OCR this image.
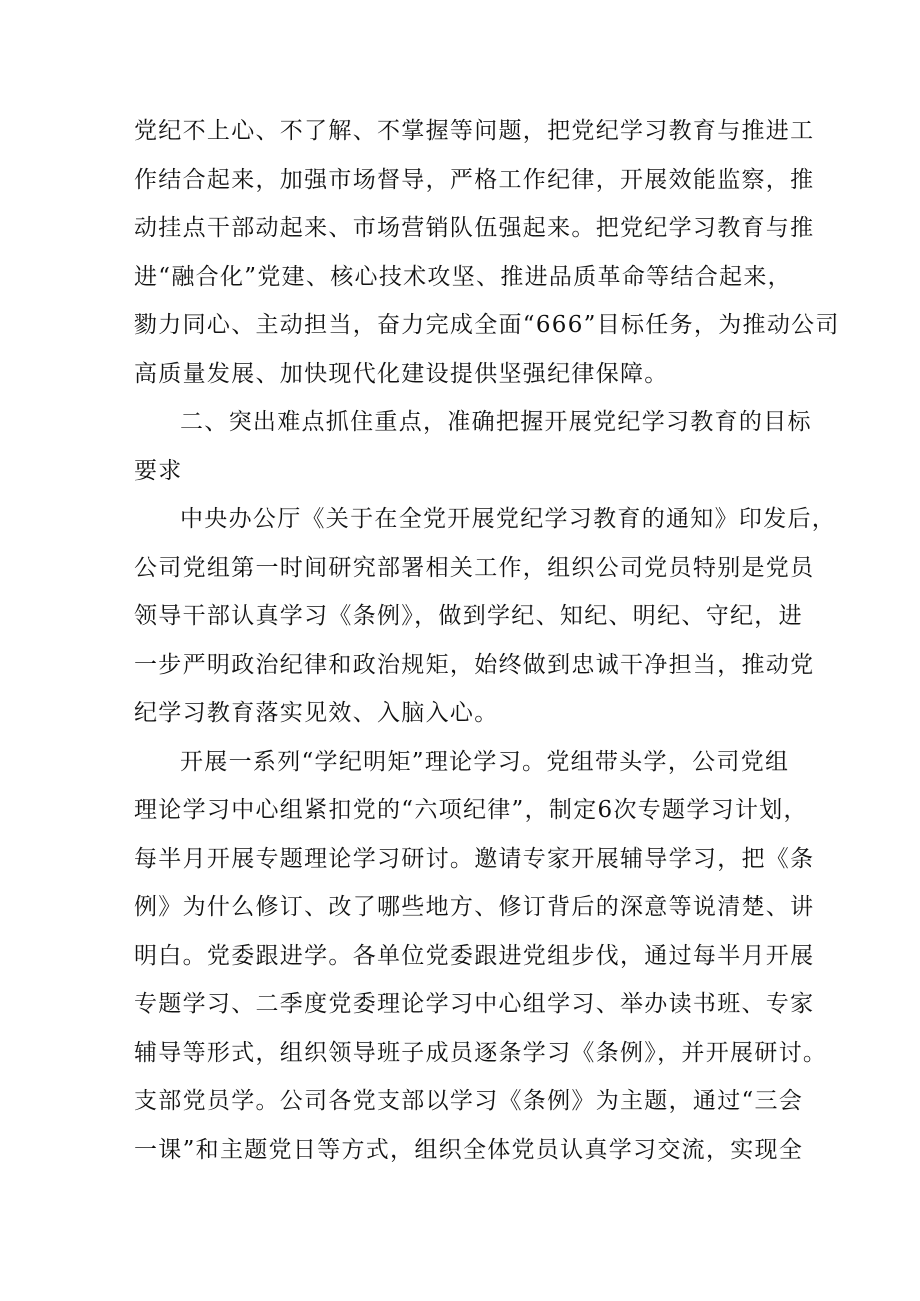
党纪不上心、不了解、不掌握等问题，把党纪学习教育与推进工
作结合起来，加强市场督导，严格工作纪律，开展效能监察，推
动挂点干部动起来、市场营销队伍强起来。把党纪学习教育与推
进“融合化”党建、核心技术攻坚、推进品质革命等结合起来，
勠力同心、主动担当，奋力完成全面“666”目标任务，为推动公司
高质量发展、加快现代化建设提供坚强纪律保障。
二、突出难点抓住重点，准确把握开展党纪学习教育的目标
要求
中央办公厅《关于在全党开展党纪学习教育的通知》印发后，
公司党组第一时间研究部署相关工作，组织公司党员特别是党员
领导干部认真学习《条例》，做到学纪、知纪、明纪、守纪，进
一步严明政治纪律和政治规矩，始终做到忠诚干净担当，推动党
纪学习教育落实见效、入脑入心。
开展一系列“学纪明矩”理论学习。党组带头学，公司党组
理论学习中心组紧扣党的“六项纪律”，制定6次专题学习计划，
每半月开展专题理论学习研讨。邀请专家开展辅导学习，把《条
例》为什么修订、改了哪些地方、修订背后的深意等说清楚、讲
明白。党委跟进学。各单位党委跟进党组步伐，通过每半月开展
专题学习、二季度党委理论学习中心组学习、举办读书班、专家
辅导等形式，组织领导班子成员逐条学习《条例》，并开展研讨。
支部党员学。公司各党支部以学习《条例》为主题，通过“三会
一课”和主题党日等方式，组织全体党员认真学习交流，实现全
